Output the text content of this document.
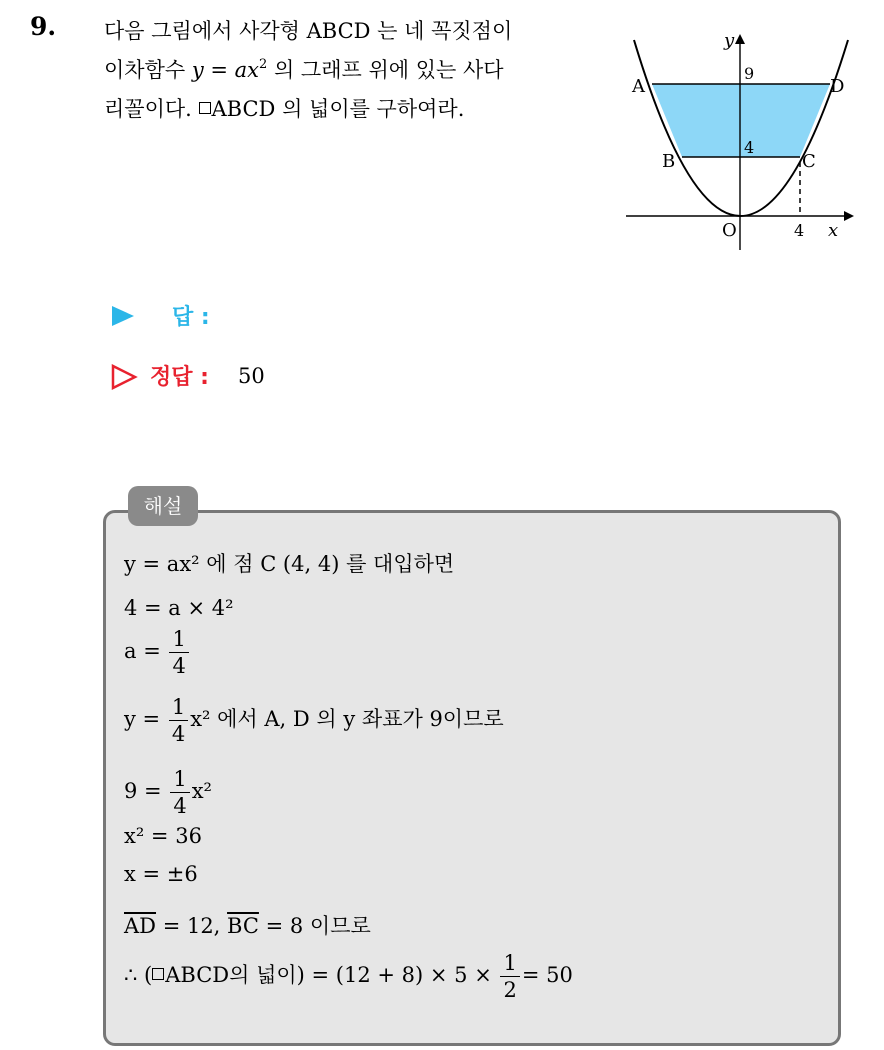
9. 다음 그림에서 사각형 ABCD 는 네 꼭짓점이
이차함수 $y = ax^2$ 의 그래프 위에 있는 사다
리꼴이다. ABCD 의 넓이를 구하여라.
y
x
O
A
B	C
D
9
4
4
답 :
정답 : 50
해설
y = ax² 에 점 C (4, 4) 를 대입하면
4 = a × 4²
$a = \frac{1}{4}$
$y = \frac{1}{4} x^2$ 에서 A, D 의 y 좌표가 9이므로
$9 = \frac{1}{4} x^2$
x² = 36
x = ±6
$\overline{AD} = 12$, $\overline{BC} = 8$ 이므로
∴ ( ABCD의 넓이) = $(12 + 8) \times 5 \times \frac{1}{2} = 50$
